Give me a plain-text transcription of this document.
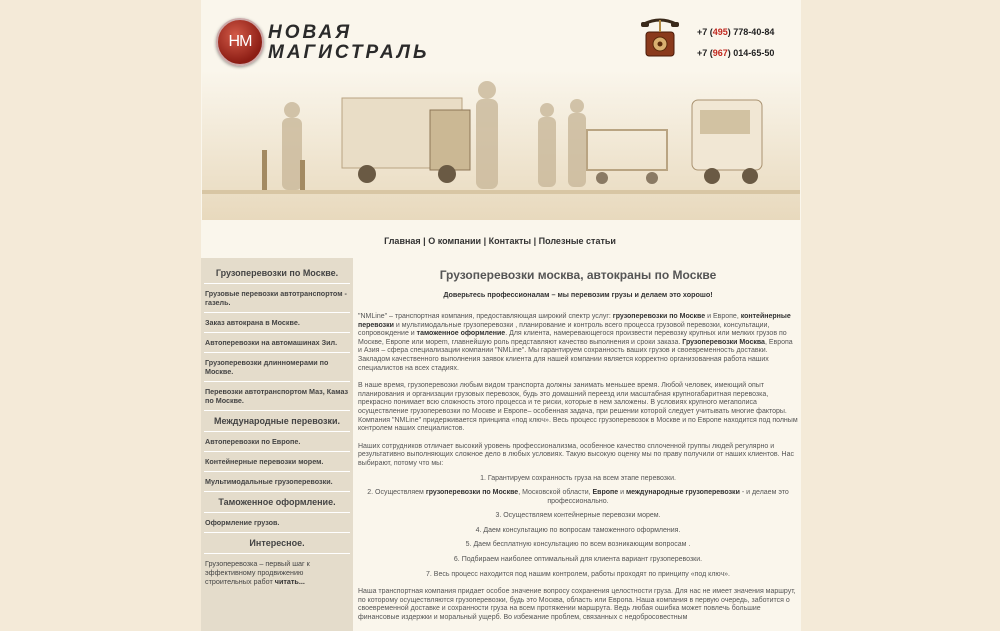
НМ НОВАЯ
МАГИСТРАЛЬ
+7 (495) 778-40-84
+7 (967) 014-65-50
Главная | О компании | Контакты | Полезные статьи
Грузоперевозки по Москве.
Грузовые перевозки автотранспортом - газель.
Заказ автокрана в Москве.
Автоперевозки на автомашинах Зил.
Грузоперевозки длинномерами по Москве.
Перевозки автотранспортом Маз, Камаз по Москве.
Международные перевозки.
Автоперевозки по Европе.
Контейнерные перевозки морем.
Мультимодальные грузоперевозки.
Таможенное оформление.
Оформление грузов.
Интересное.
Грузоперевозка – первый шаг к эффективному продвижению строительных работ читать...
Грузоперевозки москва, автокраны по Москве
Доверьтесь профессионалам – мы перевозим грузы и делаем это хорошо!

"NMLine" – транспортная компания, предоставляющая широкий спектр услуг: грузоперевозки по Москве и Европе, контейнерные перевозки и мультимодальные грузоперевозки , планирование и контроль всего процесса грузовой перевозки, консультации, сопровождение и таможенное оформление. Для клиента, намеревающегося произвести перевозку крупных или мелких грузов по Москве, Европе или мореm, главнейшую роль представляют качество выполнения и сроки заказа. Грузоперевозки Москва, Европа и Азия – сфера специализации компании "NMLine". Мы гарантируем сохранность ваших грузов и своевременность доставки. Закладом качественного выполнения заявок клиента для нашей компании является корректно организованная работа наших специалистов на всех стадиях.

В наше время, грузоперевозки любым видом транспорта должны занимать меньшее время. Любой человек, имеющий опыт планирования и организации грузовых перевозок, будь это домашний переезд или масштабная крупногабаритная перевозка, прекрасно понимает всю сложность этого процесса и те риски, которые в нем заложены. В условиях крупного мегаполиса осуществление грузоперевозки по Москве и Европе– особенная задача, при решении которой следует учитывать многие факторы. Компания "NMLine" придерживается принципа «под ключ». Весь процесс грузоперевозок в Москве и по Европе находится под полным контролем наших специалистов.

Наших сотрудников отличает высокий уровень профессионализма, особенное качество сплоченной группы людей регулярно и результативно выполняющих сложное дело в любых условиях. Такую высокую оценку мы по праву получили от наших клиентов. Нас выбирают, потому что мы:

1. Гарантируем сохранность груза на всем этапе перевозки.
2. Осуществляем грузоперевозки по Москве, Московской области, Европе и международные грузоперевозки - и делаем это профессионально.
3. Осуществляем контейнерные перевозки морем.
4. Даем консультацию по вопросам таможенного оформления.
5. Даем бесплатную консультацию по всем возникающим вопросам .
6. Подбираем наиболее оптимальный для клиента вариант грузоперевозки.
7. Весь процесс находится под нашим контролем, работы проходят по принципу «под ключ».

Наша транспортная компания придает особое значение вопросу сохранения целостности груза. Для нас не имеет значения маршрут, по которому осуществляются грузоперевозки, будь это Москва, область или Европа. Наша компания в первую очередь, заботится о своевременной доставке и сохранности груза на всем протяжении маршрута. Ведь любая ошибка может повлечь большие финансовые издержки и моральный ущерб. Во избежание проблем, связанных с недобросовестным
